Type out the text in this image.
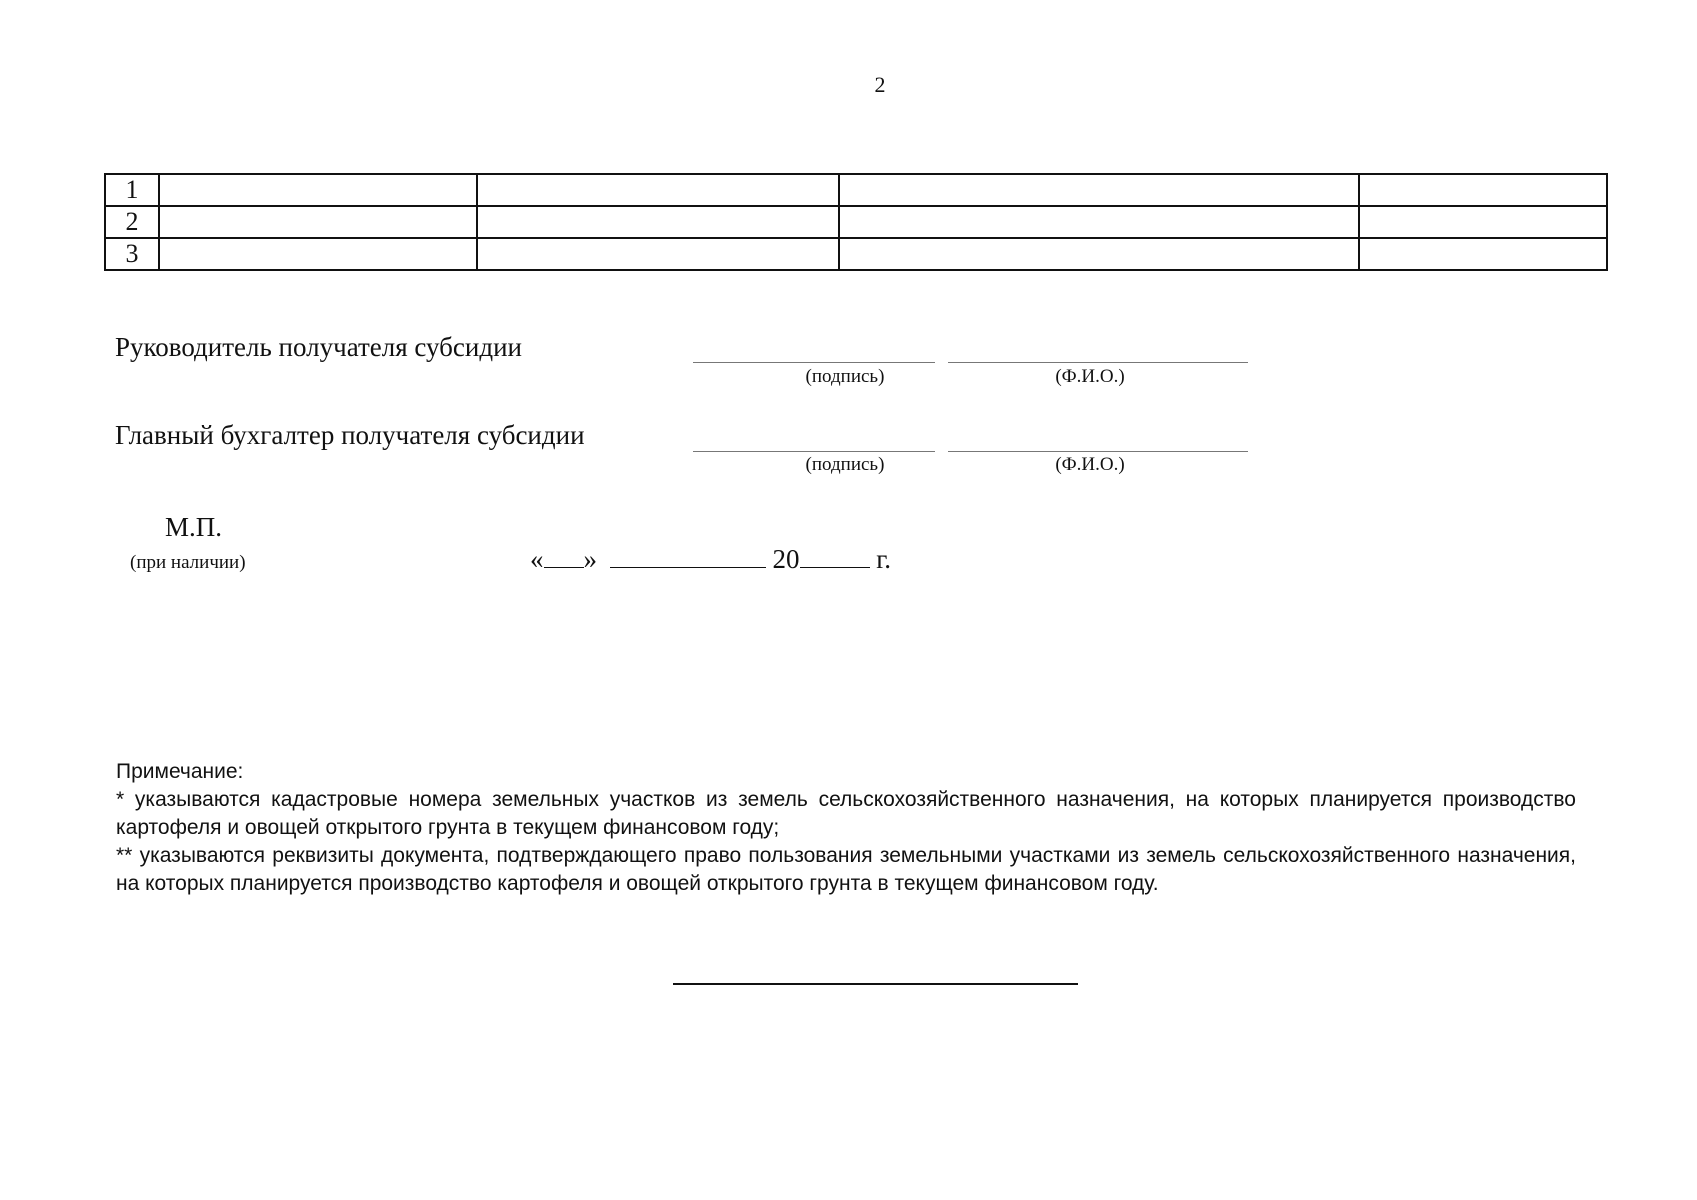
2
1				
2				
3				
Руководитель получателя субсидии
(подпись)	(Ф.И.О.)
Главный бухгалтер получателя субсидии
(подпись)	(Ф.И.О.)
М.П.
(при наличии)	« »	20	г.
Примечание:
* указываются кадастровые номера земельных участков из земель сельскохозяйственного назначения, на которых планируется производство картофеля и овощей открытого грунта в текущем финансовом году;
** указываются реквизиты документа, подтверждающего право пользования земельными участками из земель сельскохозяйственного назначения, на которых планируется производство картофеля и овощей открытого грунта в текущем финансовом году.
